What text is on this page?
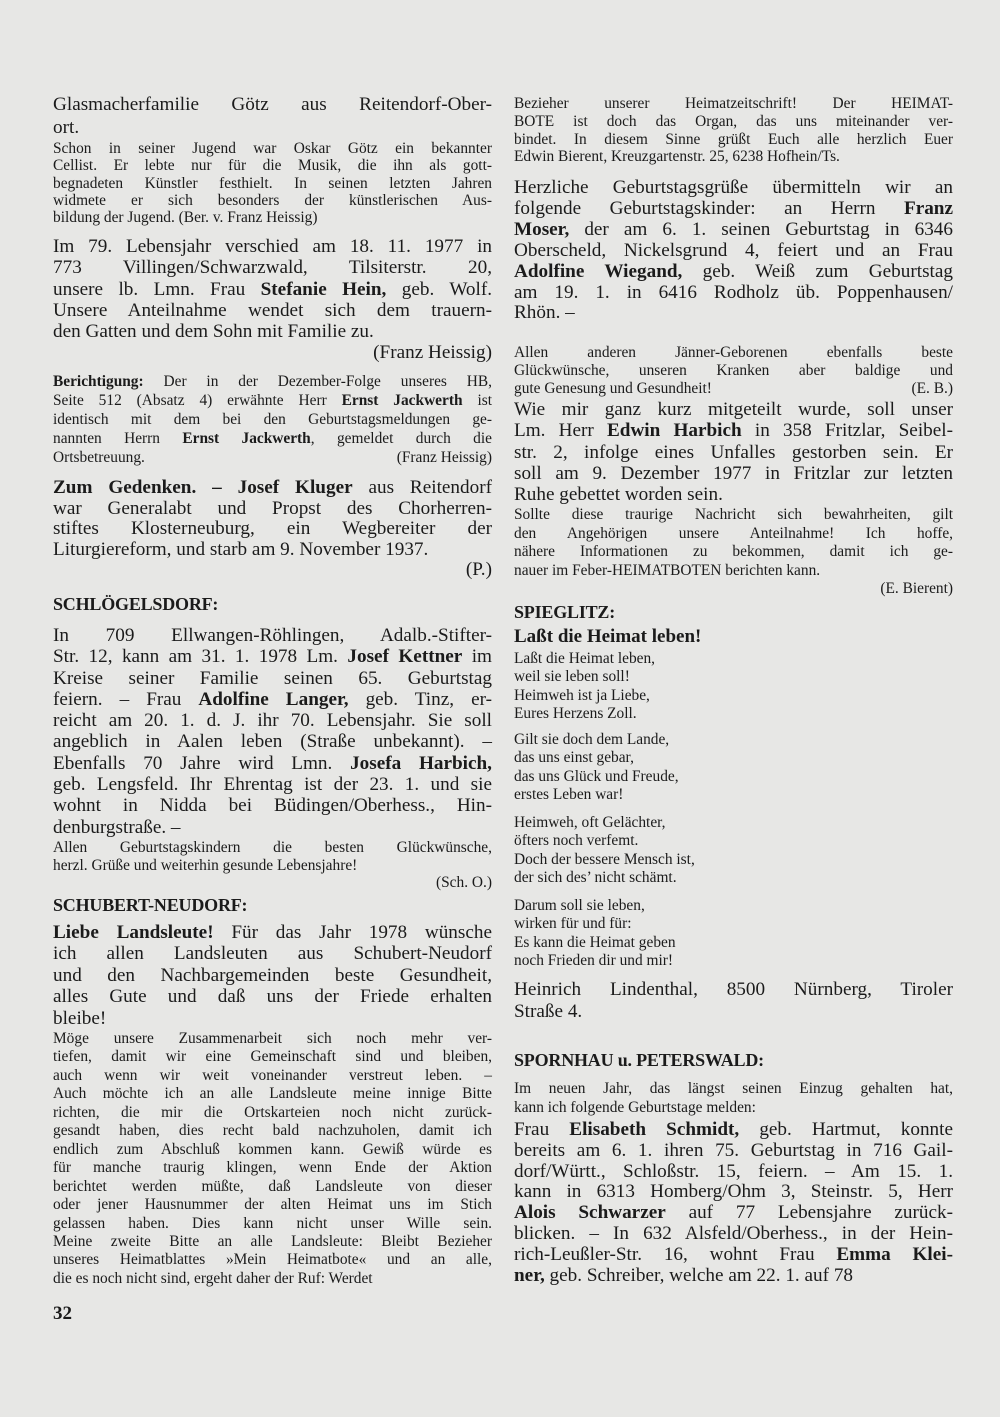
Glasmacherfamilie Götz aus Reitendorf-Ober-
ort.
Schon in seiner Jugend war Oskar Götz ein bekannter
Cellist. Er lebte nur für die Musik, die ihn als gott-
begnadeten Künstler festhielt. In seinen letzten Jahren
widmete er sich besonders der künstlerischen Aus-
bildung der Jugend. (Ber. v. Franz Heissig)
Im 79. Lebensjahr verschied am 18. 11. 1977 in
773 Villingen/Schwarzwald, Tilsiterstr. 20,
unsere lb. Lmn. Frau Stefanie Hein, geb. Wolf.
Unsere Anteilnahme wendet sich dem trauern-
den Gatten und dem Sohn mit Familie zu.
(Franz Heissig)
Berichtigung: Der in der Dezember-Folge unseres HB,
Seite 512 (Absatz 4) erwähnte Herr Ernst Jackwerth ist
identisch mit dem bei den Geburtstagsmeldungen ge-
nannten Herrn Ernst Jackwerth, gemeldet durch die
Ortsbetreuung.	(Franz Heissig)
Zum Gedenken. – Josef Kluger aus Reitendorf
war Generalabt und Propst des Chorherren-
stiftes Klosterneuburg, ein Wegbereiter der
Liturgiereform, und starb am 9. November 1937.
(P.)
SCHLÖGELSDORF:
In 709 Ellwangen-Röhlingen, Adalb.-Stifter-
Str. 12, kann am 31. 1. 1978 Lm. Josef Kettner im
Kreise seiner Familie seinen 65. Geburtstag
feiern. – Frau Adolfine Langer, geb. Tinz, er-
reicht am 20. 1. d. J. ihr 70. Lebensjahr. Sie soll
angeblich in Aalen leben (Straße unbekannt). –
Ebenfalls 70 Jahre wird Lmn. Josefa Harbich,
geb. Lengsfeld. Ihr Ehrentag ist der 23. 1. und sie
wohnt in Nidda bei Büdingen/Oberhess., Hin-
denburgstraße. –
Allen Geburtstagskindern die besten Glückwünsche,
herzl. Grüße und weiterhin gesunde Lebensjahre!
(Sch. O.)
SCHUBERT-NEUDORF:
Liebe Landsleute! Für das Jahr 1978 wünsche
ich allen Landsleuten aus Schubert-Neudorf
und den Nachbargemeinden beste Gesundheit,
alles Gute und daß uns der Friede erhalten
bleibe!
Möge unsere Zusammenarbeit sich noch mehr ver-
tiefen, damit wir eine Gemeinschaft sind und bleiben,
auch wenn wir weit voneinander verstreut leben. –
Auch möchte ich an alle Landsleute meine innige Bitte
richten, die mir die Ortskarteien noch nicht zurück-
gesandt haben, dies recht bald nachzuholen, damit ich
endlich zum Abschluß kommen kann. Gewiß würde es
für manche traurig klingen, wenn Ende der Aktion
berichtet werden müßte, daß Landsleute von dieser
oder jener Hausnummer der alten Heimat uns im Stich
gelassen haben. Dies kann nicht unser Wille sein.
Meine zweite Bitte an alle Landsleute: Bleibt Bezieher
unseres Heimatblattes »Mein Heimatbote« und an alle,
die es noch nicht sind, ergeht daher der Ruf: Werdet
Bezieher unserer Heimatzeitschrift! Der HEIMAT-
BOTE ist doch das Organ, das uns miteinander ver-
bindet. In diesem Sinne grüßt Euch alle herzlich Euer
Edwin Bierent, Kreuzgartenstr. 25, 6238 Hofhein/Ts.
Herzliche Geburtstagsgrüße übermitteln wir an
folgende Geburtstagskinder: an Herrn Franz
Moser, der am 6. 1. seinen Geburtstag in 6346
Oberscheld, Nickelsgrund 4, feiert und an Frau
Adolfine Wiegand, geb. Weiß zum Geburtstag
am 19. 1. in 6416 Rodholz üb. Poppenhausen/
Rhön. –
Allen anderen Jänner-Geborenen ebenfalls beste
Glückwünsche, unseren Kranken aber baldige und
gute Genesung und Gesundheit!	(E. B.)
Wie mir ganz kurz mitgeteilt wurde, soll unser
Lm. Herr Edwin Harbich in 358 Fritzlar, Seibel-
str. 2, infolge eines Unfalles gestorben sein. Er
soll am 9. Dezember 1977 in Fritzlar zur letzten
Ruhe gebettet worden sein.
Sollte diese traurige Nachricht sich bewahrheiten, gilt
den Angehörigen unsere Anteilnahme! Ich hoffe,
nähere Informationen zu bekommen, damit ich ge-
nauer im Feber-HEIMATBOTEN berichten kann.
(E. Bierent)
SPIEGLITZ:
Laßt die Heimat leben!
Laßt die Heimat leben,
weil sie leben soll!
Heimweh ist ja Liebe,
Eures Herzens Zoll.
Gilt sie doch dem Lande,
das uns einst gebar,
das uns Glück und Freude,
erstes Leben war!
Heimweh, oft Gelächter,
öfters noch verfemt.
Doch der bessere Mensch ist,
der sich des’ nicht schämt.
Darum soll sie leben,
wirken für und für:
Es kann die Heimat geben
noch Frieden dir und mir!
Heinrich Lindenthal, 8500 Nürnberg, Tiroler
Straße 4.
SPORNHAU u. PETERSWALD:
Im neuen Jahr, das längst seinen Einzug gehalten hat,
kann ich folgende Geburtstage melden:
Frau Elisabeth Schmidt, geb. Hartmut, konnte
bereits am 6. 1. ihren 75. Geburtstag in 716 Gail-
dorf/Württ., Schloßstr. 15, feiern. – Am 15. 1.
kann in 6313 Homberg/Ohm 3, Steinstr. 5, Herr
Alois Schwarzer auf 77 Lebensjahre zurück-
blicken. – In 632 Alsfeld/Oberhess., in der Hein-
rich-Leußler-Str. 16, wohnt Frau Emma Klei-
ner, geb. Schreiber, welche am 22. 1. auf 78
32
